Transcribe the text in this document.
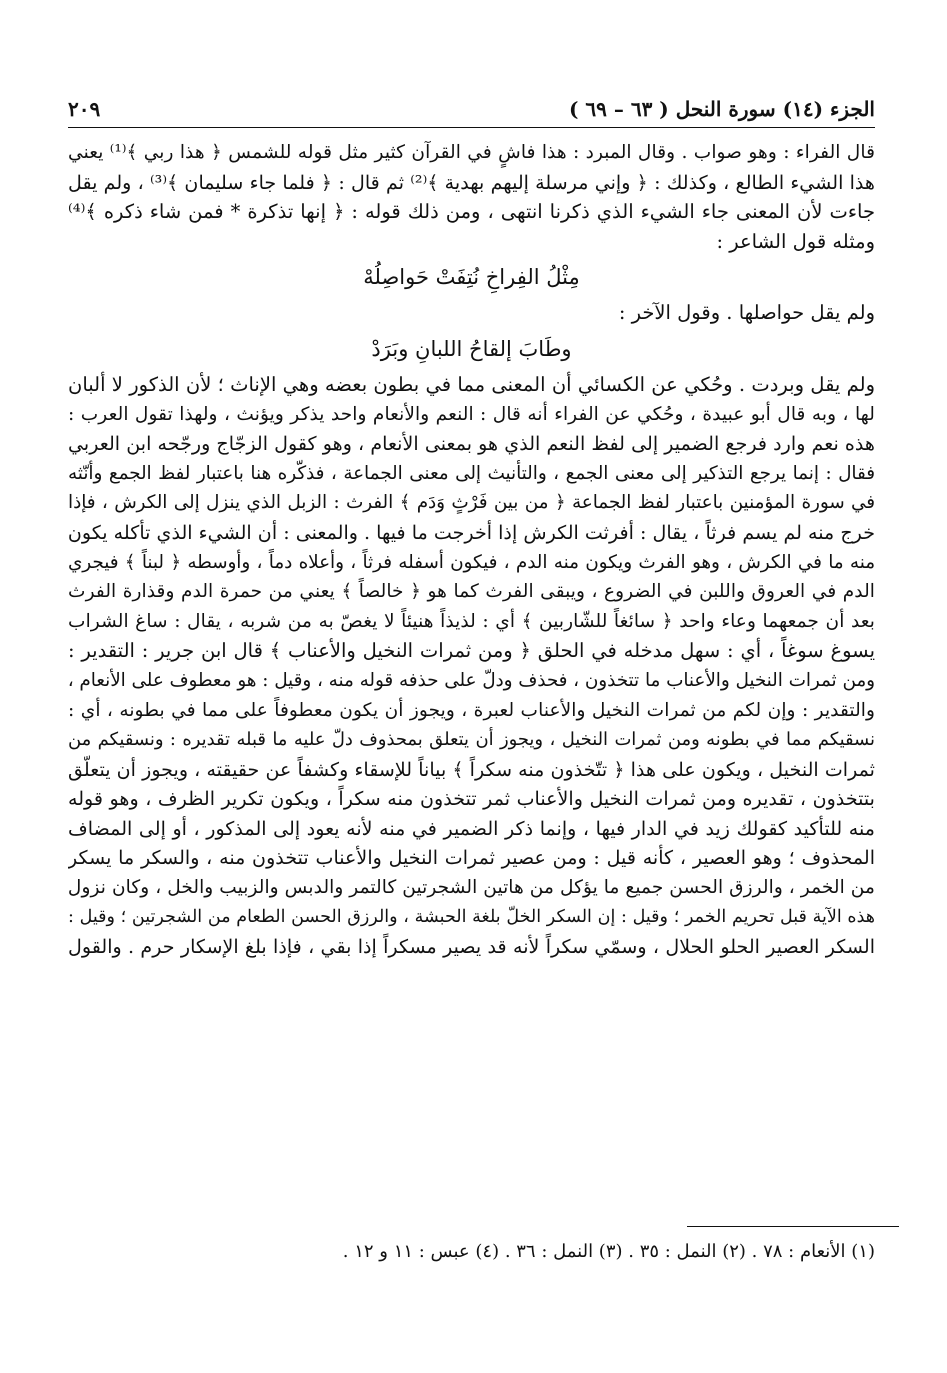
الجزء (١٤) سورة النحل ( ٦٣ – ٦٩ )
٢٠٩
قال الفراء : وهو صواب . وقال المبرد : هذا فاشٍ في القرآن كثير مثل قوله للشمس ﴿ هذا ربي ﴾⁽¹⁾ يعني
هذا الشيء الطالع ، وكذلك : ﴿ وإني مرسلة إليهم بهدية ﴾⁽²⁾ ثم قال : ﴿ فلما جاء سليمان ﴾⁽³⁾ ، ولم يقل
جاءت لأن المعنى جاء الشيء الذي ذكرنا انتهى ، ومن ذلك قوله : ﴿ إنها تذكرة * فمن شاء ذكره ﴾⁽⁴⁾
ومثله قول الشاعر :
مِثْلُ الفِراخِ نُتِفَتْ حَواصِلُهْ
ولم يقل حواصلها . وقول الآخر :
وطَابَ إلقاحُ اللبانِ وبَرَدْ
ولم يقل وبردت . وحُكي عن الكسائي أن المعنى مما في بطون بعضه وهي الإناث ؛ لأن الذكور لا ألبان
لها ، وبه قال أبو عبيدة ، وحُكي عن الفراء أنه قال : النعم والأنعام واحد يذكر ويؤنث ، ولهذا تقول العرب :
هذه نعم وارد فرجع الضمير إلى لفظ النعم الذي هو بمعنى الأنعام ، وهو كقول الزجّاج ورجّحه ابن العربي
فقال : إنما يرجع التذكير إلى معنى الجمع ، والتأنيث إلى معنى الجماعة ، فذكّره هنا باعتبار لفظ الجمع وأنّثه
في سورة المؤمنين باعتبار لفظ الجماعة ﴿ من بين فَرْثٍ وَدَم ﴾ الفرث : الزبل الذي ينزل إلى الكرش ، فإذا
خرج منه لم يسم فرثاً ، يقال : أفرثت الكرش إذا أخرجت ما فيها . والمعنى : أن الشيء الذي تأكله يكون
منه ما في الكرش ، وهو الفرث ويكون منه الدم ، فيكون أسفله فرثاً ، وأعلاه دماً ، وأوسطه ﴿ لبناً ﴾ فيجري
الدم في العروق واللبن في الضروع ، ويبقى الفرث كما هو ﴿ خالصاً ﴾ يعني من حمرة الدم وقذارة الفرث
بعد أن جمعهما وعاء واحد ﴿ سائغاً للشّاربين ﴾ أي : لذيذاً هنيئاً لا يغصّ به من شربه ، يقال : ساغ الشراب
يسوغ سوغاً ، أي : سهل مدخله في الحلق ﴿ ومن ثمرات النخيل والأعناب ﴾ قال ابن جرير : التقدير :
ومن ثمرات النخيل والأعناب ما تتخذون ، فحذف ودلّ على حذفه قوله منه ، وقيل : هو معطوف على الأنعام ،
والتقدير : وإن لكم من ثمرات النخيل والأعناب لعبرة ، ويجوز أن يكون معطوفاً على مما في بطونه ، أي :
نسقيكم مما في بطونه ومن ثمرات النخيل ، ويجوز أن يتعلق بمحذوف دلّ عليه ما قبله تقديره : ونسقيكم من
ثمرات النخيل ، ويكون على هذا ﴿ تتّخذون منه سكراً ﴾ بياناً للإسقاء وكشفاً عن حقيقته ، ويجوز أن يتعلّق
بتتخذون ، تقديره ومن ثمرات النخيل والأعناب ثمر تتخذون منه سكراً ، ويكون تكرير الظرف ، وهو قوله
منه للتأكيد كقولك زيد في الدار فيها ، وإنما ذكر الضمير في منه لأنه يعود إلى المذكور ، أو إلى المضاف
المحذوف ؛ وهو العصير ، كأنه قيل : ومن عصير ثمرات النخيل والأعناب تتخذون منه ، والسكر ما يسكر
من الخمر ، والرزق الحسن جميع ما يؤكل من هاتين الشجرتين كالتمر والدبس والزبيب والخل ، وكان نزول
هذه الآية قبل تحريم الخمر ؛ وقيل : إن السكر الخلّ بلغة الحبشة ، والرزق الحسن الطعام من الشجرتين ؛ وقيل :
السكر العصير الحلو الحلال ، وسمّي سكراً لأنه قد يصير مسكراً إذا بقي ، فإذا بلغ الإسكار حرم . والقول
(١) الأنعام : ٧٨ . (٢) النمل : ٣٥ . (٣) النمل : ٣٦ . (٤) عبس : ١١ و ١٢ .
